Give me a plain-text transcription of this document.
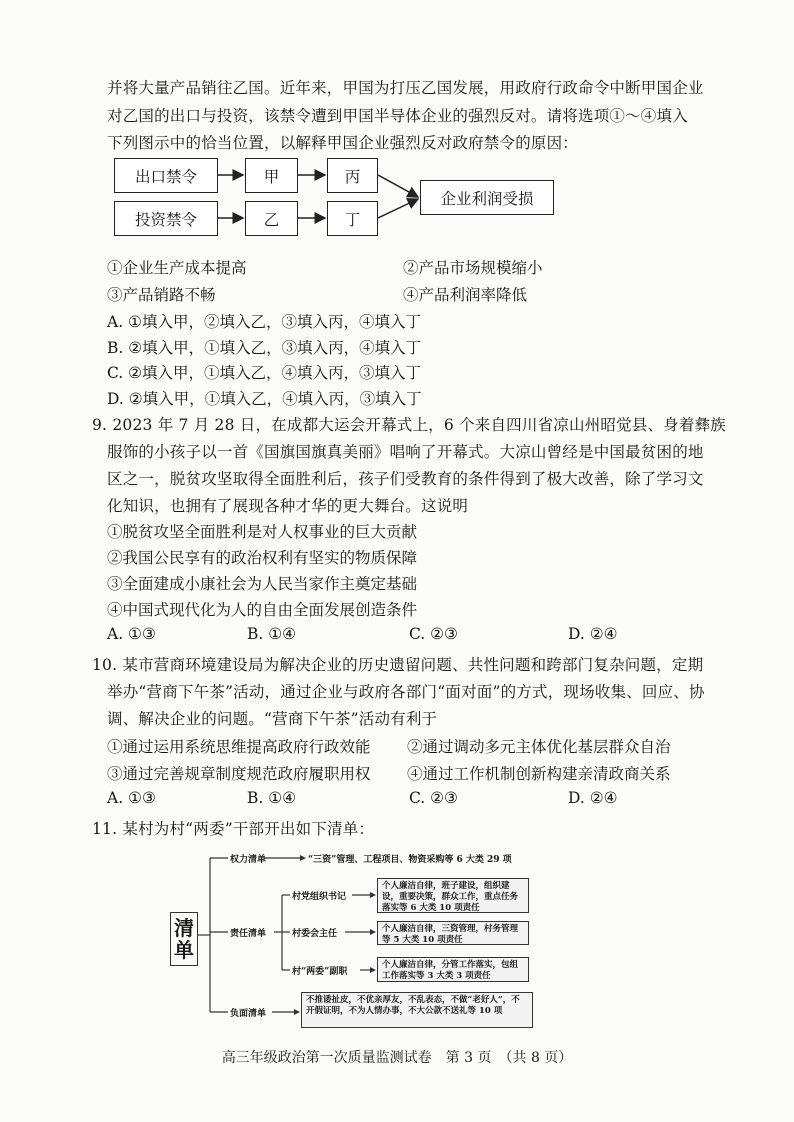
并将大量产品销往乙国。近年来，甲国为打压乙国发展，用政府行政命令中断甲国企业
对乙国的出口与投资，该禁令遭到甲国半导体企业的强烈反对。请将选项①～④填入
下列图示中的恰当位置，以解释甲国企业强烈反对政府禁令的原因：
出口禁令
投资禁令
甲
乙
丙
丁
企业利润受损
①企业生产成本提高	②产品市场规模缩小
③产品销路不畅	④产品利润率降低
A. ①填入甲，②填入乙，③填入丙，④填入丁
B. ②填入甲，①填入乙，③填入丙，④填入丁
C. ②填入甲，①填入乙，④填入丙，③填入丁
D. ②填入甲，①填入乙，④填入丙，③填入丁
9. 2023 年 7 月 28 日，在成都大运会开幕式上，6 个来自四川省凉山州昭觉县、身着彝族
服饰的小孩子以一首《国旗国旗真美丽》唱响了开幕式。大凉山曾经是中国最贫困的地
区之一，脱贫攻坚取得全面胜利后，孩子们受教育的条件得到了极大改善，除了学习文
化知识，也拥有了展现各种才华的更大舞台。这说明
①脱贫攻坚全面胜利是对人权事业的巨大贡献
②我国公民享有的政治权利有坚实的物质保障
③全面建成小康社会为人民当家作主奠定基础
④中国式现代化为人的自由全面发展创造条件
A. ①③	B. ①④	C. ②③	D. ②④
10. 某市营商环境建设局为解决企业的历史遗留问题、共性问题和跨部门复杂问题，定期
举办“营商下午茶”活动，通过企业与政府各部门“面对面”的方式，现场收集、回应、协
调、解决企业的问题。“营商下午茶”活动有利于
①通过运用系统思维提高政府行政效能 ②通过调动多元主体优化基层群众自治
③通过完善规章制度规范政府履职用权 ④通过工作机制创新构建亲清政商关系
A. ①③	B. ①④	C. ②③	D. ②④
11. 某村为村“两委”干部开出如下清单：
清
单
权力清单	“三资”管理、工程项目、物资采购等 6 大类 29 项
责任清单
村党组织书记
个人廉洁自律，班子建设，组织建设，重要决策，群众工作，重点任务落实等 6 大类 10 项责任
村委会主任	个人廉洁自律，三资管理，村务管理等 5 大类 10 项责任
村“两委”副职
个人廉洁自律，分管工作落实，包组工作落实等 3 大类 3 项责任
负面清单
不推诿扯皮，不优亲厚友，不乱表态，不做“老好人”，不开假证明，不为人情办事，不大公款不送礼等 10 项
高三年级政治第一次质量监测试卷　第 3 页　（共 8 页）
